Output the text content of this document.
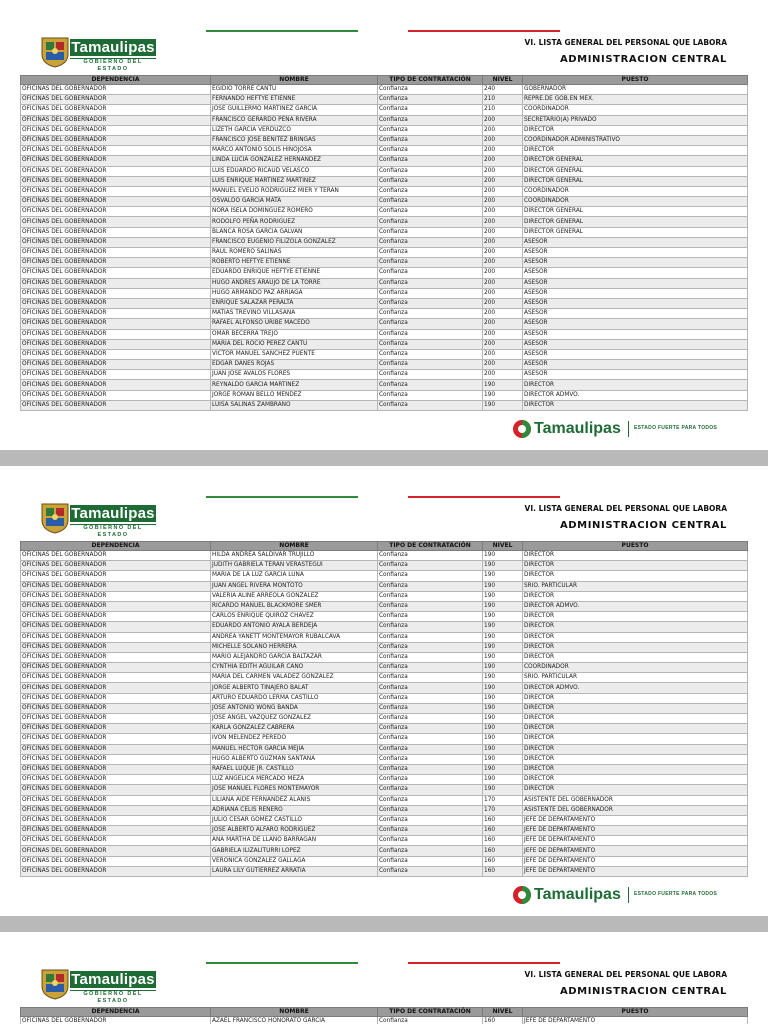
Tamaulipas
GOBIERNO DEL ESTADO
VI. LISTA GENERAL DEL PERSONAL QUE LABORA
ADMINISTRACION CENTRAL
DEPENDENCIA	NOMBRE	TIPO DE CONTRATACIÓN	NIVEL	PUESTO
OFICINAS DEL GOBERNADOR	EGIDIO TORRE CANTU	Confianza	240	GOBERNADOR
OFICINAS DEL GOBERNADOR	FERNANDO HEFTYE ETIENNE	Confianza	210	REPRE.DE GOB.EN MEX.
OFICINAS DEL GOBERNADOR	JOSE GUILLERMO MARTINEZ GARCIA	Confianza	210	COORDINADOR
OFICINAS DEL GOBERNADOR	FRANCISCO GERARDO PEÑA RIVERA	Confianza	200	SECRETARIO(A) PRIVADO
OFICINAS DEL GOBERNADOR	LIZETH GARCIA VERDUZCO	Confianza	200	DIRECTOR
OFICINAS DEL GOBERNADOR	FRANCISCO JOSE BENITEZ BRINGAS	Confianza	200	COORDINADOR ADMINISTRATIVO
OFICINAS DEL GOBERNADOR	MARCO ANTONIO SOLIS HINOJOSA	Confianza	200	DIRECTOR
OFICINAS DEL GOBERNADOR	LINDA LUCIA GONZALEZ HERNANDEZ	Confianza	200	DIRECTOR GENERAL
OFICINAS DEL GOBERNADOR	LUIS EDUARDO RICAUD VELASCO	Confianza	200	DIRECTOR GENERAL
OFICINAS DEL GOBERNADOR	LUIS ENRIQUE MARTINEZ MARTINEZ	Confianza	200	DIRECTOR GENERAL
OFICINAS DEL GOBERNADOR	MANUEL EVELIO RODRIGUEZ MIER Y TERAN	Confianza	200	COORDINADOR
OFICINAS DEL GOBERNADOR	OSVALDO GARCIA MATA	Confianza	200	COORDINADOR
OFICINAS DEL GOBERNADOR	NORA ISELA DOMINGUEZ ROMERO	Confianza	200	DIRECTOR GENERAL
OFICINAS DEL GOBERNADOR	RODOLFO PEÑA RODRIGUEZ	Confianza	200	DIRECTOR GENERAL
OFICINAS DEL GOBERNADOR	BLANCA ROSA GARCIA GALVAN	Confianza	200	DIRECTOR GENERAL
OFICINAS DEL GOBERNADOR	FRANCISCO EUGENIO FILIZOLA GONZALEZ	Confianza	200	ASESOR
OFICINAS DEL GOBERNADOR	RAUL ROMERO SALINAS	Confianza	200	ASESOR
OFICINAS DEL GOBERNADOR	ROBERTO HEFTYE ETIENNE	Confianza	200	ASESOR
OFICINAS DEL GOBERNADOR	EDUARDO ENRIQUE HEFTYE ETIENNE	Confianza	200	ASESOR
OFICINAS DEL GOBERNADOR	HUGO ANDRES ARAUJO DE LA TORRE	Confianza	200	ASESOR
OFICINAS DEL GOBERNADOR	HUGO ARMANDO PAZ ARRIAGA	Confianza	200	ASESOR
OFICINAS DEL GOBERNADOR	ENRIQUE SALAZAR PERALTA	Confianza	200	ASESOR
OFICINAS DEL GOBERNADOR	MATIAS TREVIÑO VILLASANA	Confianza	200	ASESOR
OFICINAS DEL GOBERNADOR	RAFAEL ALFONSO URIBE MACEDO	Confianza	200	ASESOR
OFICINAS DEL GOBERNADOR	OMAR BECERRA TREJO	Confianza	200	ASESOR
OFICINAS DEL GOBERNADOR	MARIA DEL ROCIO PEREZ CANTU	Confianza	200	ASESOR
OFICINAS DEL GOBERNADOR	VICTOR MANUEL SANCHEZ PUENTE	Confianza	200	ASESOR
OFICINAS DEL GOBERNADOR	EDGAR DANES ROJAS	Confianza	200	ASESOR
OFICINAS DEL GOBERNADOR	JUAN JOSE AVALOS FLORES	Confianza	200	ASESOR
OFICINAS DEL GOBERNADOR	REYNALDO GARCIA MARTINEZ	Confianza	190	DIRECTOR
OFICINAS DEL GOBERNADOR	JORGE ROMAN BELLO MENDEZ	Confianza	190	DIRECTOR ADMVO.
OFICINAS DEL GOBERNADOR	LUISA SALINAS ZAMBRANO	Confianza	190	DIRECTOR
Tamaulipas	ESTADO FUERTE PARA TODOS
Tamaulipas
GOBIERNO DEL ESTADO
VI. LISTA GENERAL DEL PERSONAL QUE LABORA
ADMINISTRACION CENTRAL
DEPENDENCIA	NOMBRE	TIPO DE CONTRATACIÓN	NIVEL	PUESTO
OFICINAS DEL GOBERNADOR	HILDA ANDREA SALDIVAR TRUJILLO	Confianza	190	DIRECTOR
OFICINAS DEL GOBERNADOR	JUDITH GABRIELA TERAN VERASTEGUI	Confianza	190	DIRECTOR
OFICINAS DEL GOBERNADOR	MARIA DE LA LUZ GARCIA LUNA	Confianza	190	DIRECTOR
OFICINAS DEL GOBERNADOR	JUAN ANGEL RIVERA MONTOTO	Confianza	190	SRIO. PARTICULAR
OFICINAS DEL GOBERNADOR	VALERIA ALINE ARREOLA GONZALEZ	Confianza	190	DIRECTOR
OFICINAS DEL GOBERNADOR	RICARDO MANUEL BLACKMORE SMER	Confianza	190	DIRECTOR ADMVO.
OFICINAS DEL GOBERNADOR	CARLOS ENRIQUE QUIROZ CHAVEZ	Confianza	190	DIRECTOR
OFICINAS DEL GOBERNADOR	EDUARDO ANTONIO AYALA BERDEJA	Confianza	190	DIRECTOR
OFICINAS DEL GOBERNADOR	ANDREA YANETT MONTEMAYOR RUBALCAVA	Confianza	190	DIRECTOR
OFICINAS DEL GOBERNADOR	MICHELLE SOLANO HERRERA	Confianza	190	DIRECTOR
OFICINAS DEL GOBERNADOR	MARIO ALEJANDRO GARCIA BALTAZAR	Confianza	190	DIRECTOR
OFICINAS DEL GOBERNADOR	CYNTHIA EDITH AGUILAR CANO	Confianza	190	COORDINADOR
OFICINAS DEL GOBERNADOR	MARIA DEL CARMEN VALADEZ GONZALEZ	Confianza	190	SRIO. PARTICULAR
OFICINAS DEL GOBERNADOR	JORGE ALBERTO TINAJERO BALAT	Confianza	190	DIRECTOR ADMVO.
OFICINAS DEL GOBERNADOR	ARTURO EDUARDO LERMA CASTILLO	Confianza	190	DIRECTOR
OFICINAS DEL GOBERNADOR	JOSE ANTONIO WONG BANDA	Confianza	190	DIRECTOR
OFICINAS DEL GOBERNADOR	JOSE ANGEL VAZQUEZ GONZALEZ	Confianza	190	DIRECTOR
OFICINAS DEL GOBERNADOR	KARLA GONZALEZ CABRERA	Confianza	190	DIRECTOR
OFICINAS DEL GOBERNADOR	IVON MELENDEZ PEREDO	Confianza	190	DIRECTOR
OFICINAS DEL GOBERNADOR	MANUEL HECTOR GARCIA MEJIA	Confianza	190	DIRECTOR
OFICINAS DEL GOBERNADOR	HUGO ALBERTO GUZMAN SANTANA	Confianza	190	DIRECTOR
OFICINAS DEL GOBERNADOR	RAFAEL LUQUE JR. CASTILLO	Confianza	190	DIRECTOR
OFICINAS DEL GOBERNADOR	LUZ ANGELICA MERCADO MEZA	Confianza	190	DIRECTOR
OFICINAS DEL GOBERNADOR	JOSE MANUEL FLORES MONTEMAYOR	Confianza	190	DIRECTOR
OFICINAS DEL GOBERNADOR	LILIANA AIDE FERNANDEZ ALANIS	Confianza	170	ASISTENTE DEL GOBERNADOR
OFICINAS DEL GOBERNADOR	ADRIANA CELIS RENERO	Confianza	170	ASISTENTE DEL GOBERNADOR
OFICINAS DEL GOBERNADOR	JULIO CESAR GOMEZ CASTILLO	Confianza	160	JEFE DE DEPARTAMENTO
OFICINAS DEL GOBERNADOR	JOSE ALBERTO ALFARO RODRIGUEZ	Confianza	160	JEFE DE DEPARTAMENTO
OFICINAS DEL GOBERNADOR	ANA MARTHA DE LLANO BARRAGAN	Confianza	160	JEFE DE DEPARTAMENTO
OFICINAS DEL GOBERNADOR	GABRIELA ILIZALITURRI LOPEZ	Confianza	160	JEFE DE DEPARTAMENTO
OFICINAS DEL GOBERNADOR	VERONICA GONZALEZ GALLAGA	Confianza	160	JEFE DE DEPARTAMENTO
OFICINAS DEL GOBERNADOR	LAURA LILY GUTIERREZ ARRATIA	Confianza	160	JEFE DE DEPARTAMENTO
Tamaulipas	ESTADO FUERTE PARA TODOS
Tamaulipas
GOBIERNO DEL ESTADO
VI. LISTA GENERAL DEL PERSONAL QUE LABORA
ADMINISTRACION CENTRAL
DEPENDENCIA	NOMBRE	TIPO DE CONTRATACIÓN	NIVEL	PUESTO
OFICINAS DEL GOBERNADOR	AZAEL FRANCISCO HONORATO GARCIA	Confianza	160	JEFE DE DEPARTAMENTO
